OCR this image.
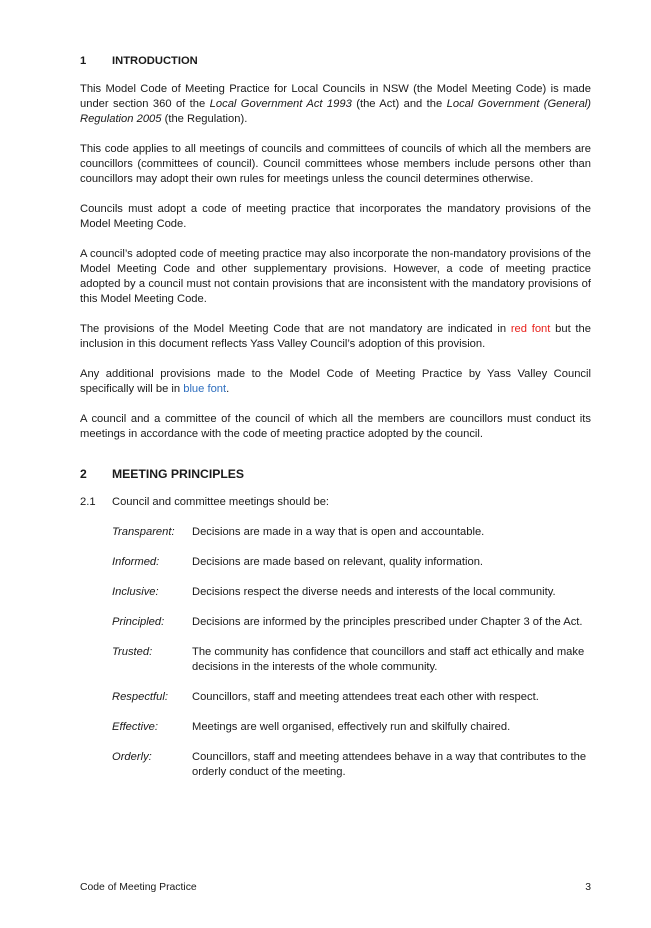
1	INTRODUCTION

This Model Code of Meeting Practice for Local Councils in NSW (the Model Meeting Code) is made under section 360 of the Local Government Act 1993 (the Act) and the Local Government (General) Regulation 2005 (the Regulation).

This code applies to all meetings of councils and committees of councils of which all the members are councillors (committees of council). Council committees whose members include persons other than councillors may adopt their own rules for meetings unless the council determines otherwise.

Councils must adopt a code of meeting practice that incorporates the mandatory provisions of the Model Meeting Code.

A council’s adopted code of meeting practice may also incorporate the non-mandatory provisions of the Model Meeting Code and other supplementary provisions. However, a code of meeting practice adopted by a council must not contain provisions that are inconsistent with the mandatory provisions of this Model Meeting Code.

The provisions of the Model Meeting Code that are not mandatory are indicated in red font but the inclusion in this document reflects Yass Valley Council’s adoption of this provision.

Any additional provisions made to the Model Code of Meeting Practice by Yass Valley Council specifically will be in blue font.

A council and a committee of the council of which all the members are councillors must conduct its meetings in accordance with the code of meeting practice adopted by the council.

2	MEETING PRINCIPLES
2.1	Council and committee meetings should be:
Transparent:	Decisions are made in a way that is open and accountable.
Informed:	Decisions are made based on relevant, quality information.
Inclusive:	Decisions respect the diverse needs and interests of the local community.
Principled:	Decisions are informed by the principles prescribed under Chapter 3 of the Act.
Trusted:	The community has confidence that councillors and staff act ethically and make decisions in the interests of the whole community.
Respectful:	Councillors, staff and meeting attendees treat each other with respect.
Effective:	Meetings are well organised, effectively run and skilfully chaired.
Orderly:	Councillors, staff and meeting attendees behave in a way that contributes to the orderly conduct of the meeting.
Code of Meeting Practice	3
